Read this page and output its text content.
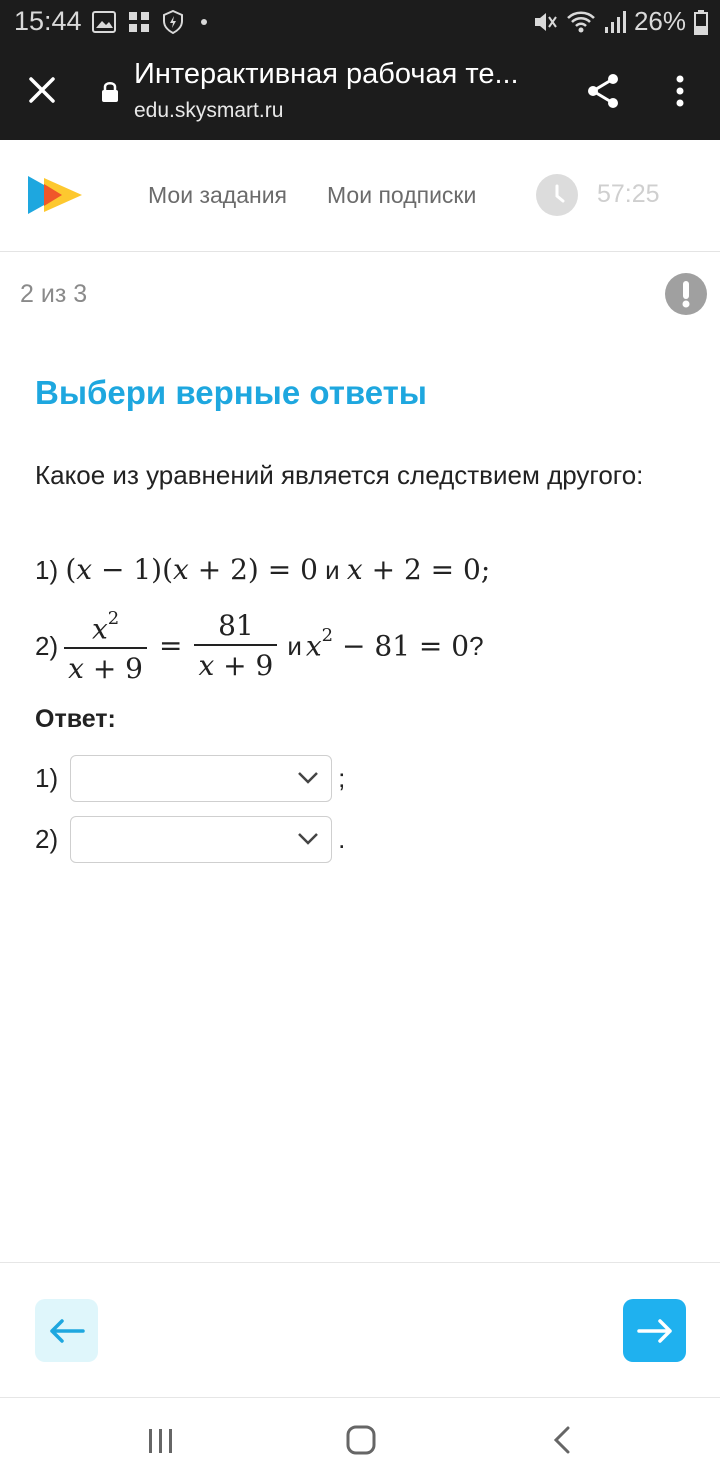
15:44	26%
Интерактивная рабочая те...
edu.skysmart.ru
Мои задания Мои подписки	57:25
2 из 3
Выбери верные ответы
Какое из уравнений является следствием другого:
1) (x − 1)(x + 2) = 0 и x + 2 = 0;
$2) \frac{x^2}{x + 9} = \frac{81}{x + 9}$ и $x^2 - 81 = 0$ ?
Ответ:
1)	;
2)	.
